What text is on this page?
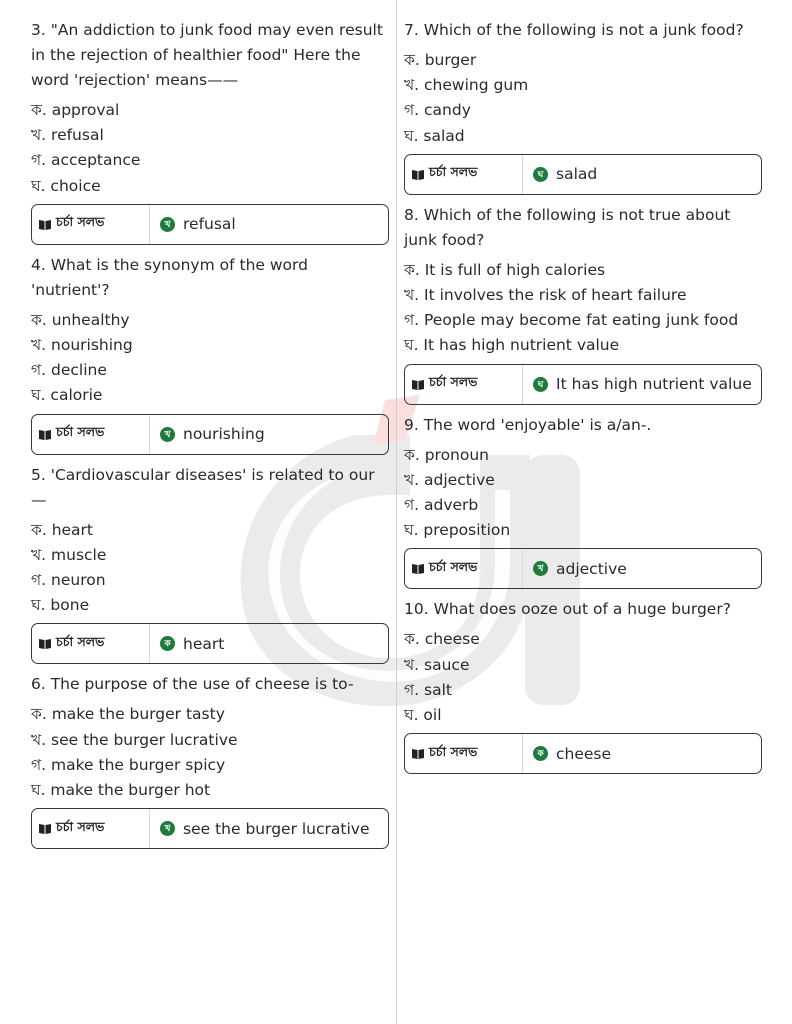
3. "An addiction to junk food may even result in the rejection of healthier food" Here the word 'rejection' means——

ক. approval
খ. refusal
গ. acceptance
ঘ. choice
চর্চা সলভ	খ refusal

4. What is the synonym of the word 'nutrient'?

ক. unhealthy
খ. nourishing
গ. decline
ঘ. calorie
চর্চা সলভ	খ nourishing

5. 'Cardiovascular diseases' is related to our —

ক. heart
খ. muscle
গ. neuron
ঘ. bone
চর্চা সলভ	ক heart

6. The purpose of the use of cheese is to-

ক. make the burger tasty
খ. see the burger lucrative
গ. make the burger spicy
ঘ. make the burger hot
চর্চা সলভ	খ see the burger lucrative

7. Which of the following is not a junk food?

ক. burger
খ. chewing gum
গ. candy
ঘ. salad
চর্চা সলভ	ঘ salad

8. Which of the following is not true about junk food?

ক. It is full of high calories
খ. It involves the risk of heart failure
গ. People may become fat eating junk food
ঘ. It has high nutrient value
চর্চা সলভ	ঘ It has high nutrient value

9. The word 'enjoyable' is a/an-.

ক. pronoun
খ. adjective
গ. adverb
ঘ. preposition
চর্চা সলভ	খ adjective

10. What does ooze out of a huge burger?

ক. cheese
খ. sauce
গ. salt
ঘ. oil
চর্চা সলভ	ক cheese
